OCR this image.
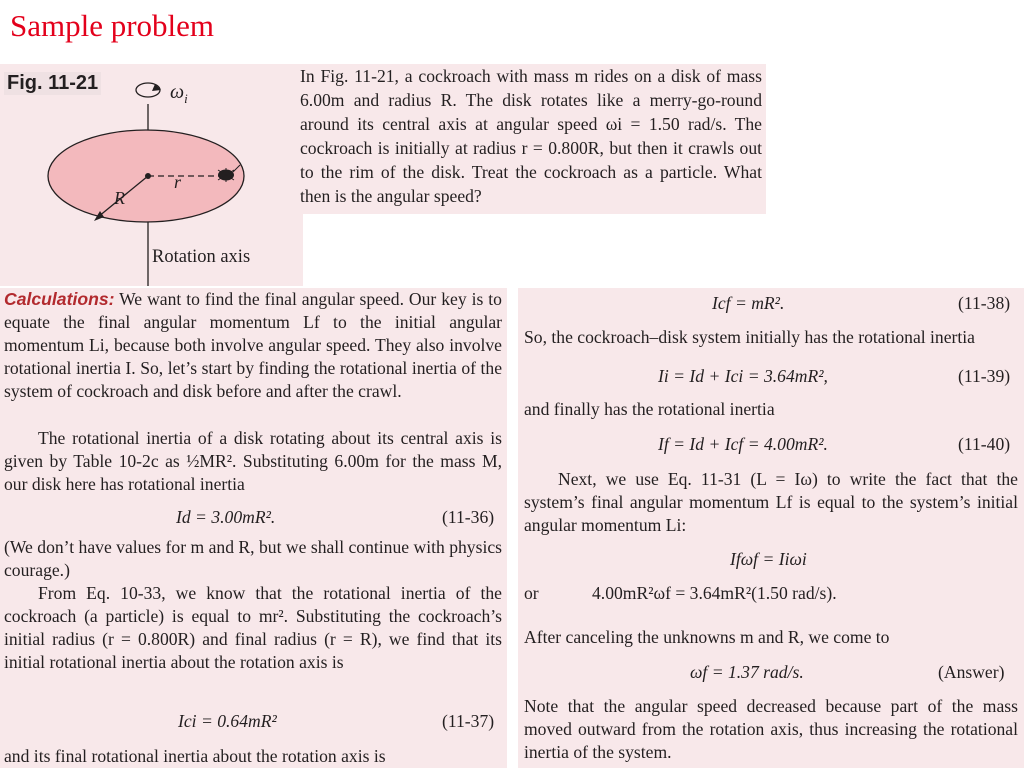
Sample problem
r
R
$\omega_i$
Rotation axis
Fig. 11-21	In Fig. 11-21, a cockroach with mass m rides on a disk of mass 6.00m and radius R. The disk rotates like a merry-go-round around its central axis at angular speed ωi = 1.50 rad/s. The cockroach is initially at radius r = 0.800R, but then it crawls out to the rim of the disk. Treat the cockroach as a particle. What then is the angular speed?
Calculations: We want to find the final angular speed. Our key is to equate the final angular momentum Lf to the initial angular momentum Li, because both involve angular speed. They also involve rotational inertia I. So, let’s start by finding the rotational inertia of the system of cockroach and disk before and after the crawl.
The rotational inertia of a disk rotating about its central axis is given by Table 10-2c as ½MR². Substituting 6.00m for the mass M, our disk here has rotational inertia
Id = 3.00mR².	(11-36)
(We don’t have values for m and R, but we shall continue with physics courage.)
From Eq. 10-33, we know that the rotational inertia of the cockroach (a particle) is equal to mr². Substituting the cockroach’s initial radius (r = 0.800R) and final radius (r = R), we find that its initial rotational inertia about the rotation axis is
Ici = 0.64mR²	(11-37)
and its final rotational inertia about the rotation axis is
Icf = mR².	(11-38)
So, the cockroach–disk system initially has the rotational inertia
Ii = Id + Ici = 3.64mR²,	(11-39)
and finally has the rotational inertia
If = Id + Icf = 4.00mR².	(11-40)
Next, we use Eq. 11-31 (L = Iω) to write the fact that the system’s final angular momentum Lf is equal to the system’s initial angular momentum Li:
Ifωf = Iiωi
or	4.00mR²ωf = 3.64mR²(1.50 rad/s).
After canceling the unknowns m and R, we come to
ωf = 1.37 rad/s.	(Answer)
Note that the angular speed decreased because part of the mass moved outward from the rotation axis, thus increasing the rotational inertia of the system.
